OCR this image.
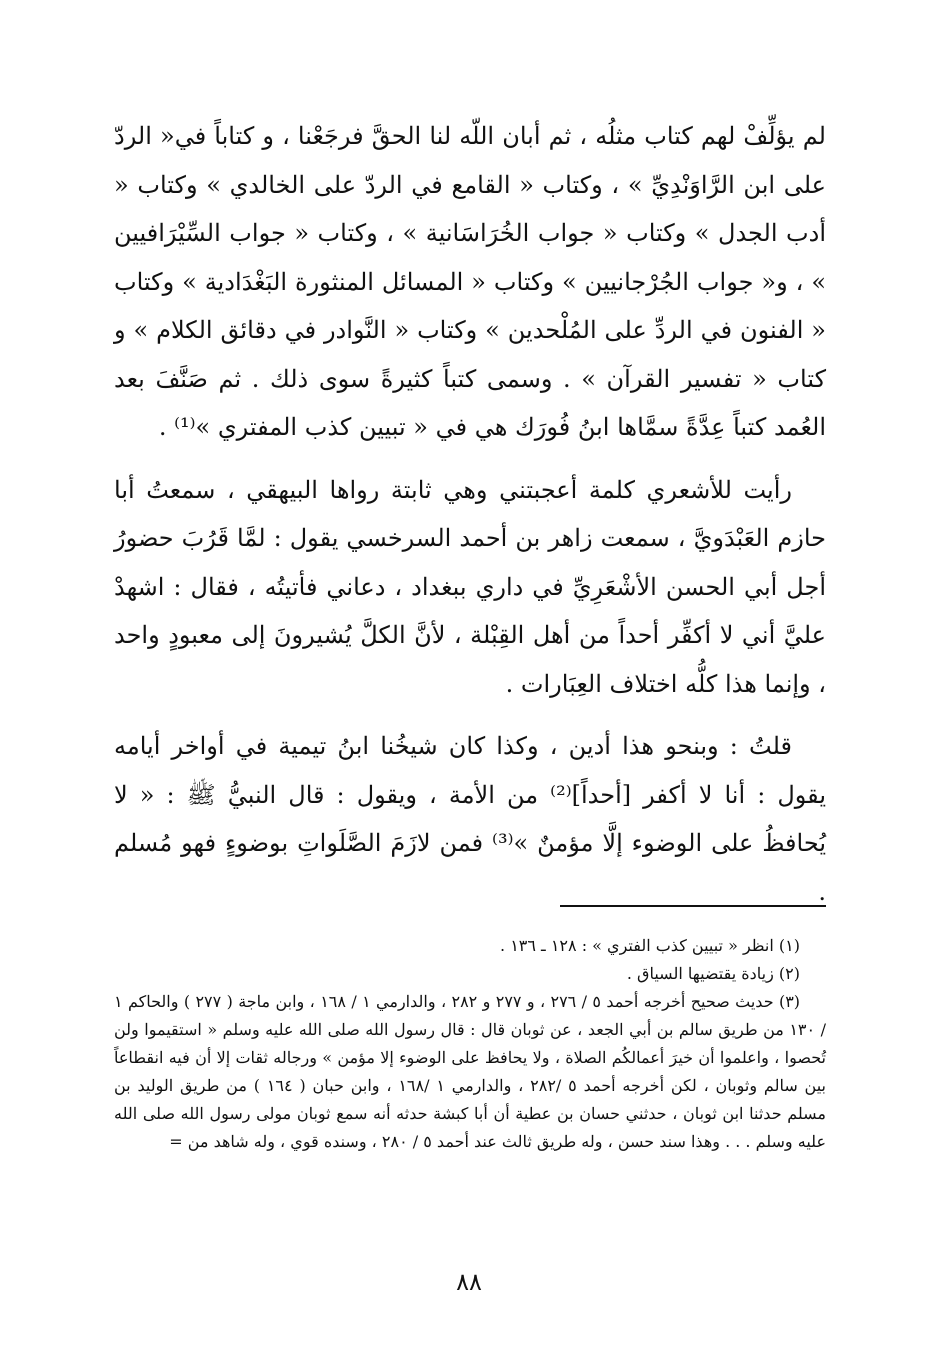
لم يؤلِّفْ لهم كتاب مثلُه ، ثم أبان اللّه لنا الحقَّ فرجَعْنا ، و كتاباً في« الردّ على ابن الرَّاوَنْدِيِّ » ، وكتاب « القامع في الردّ على الخالدي » وكتاب « أدب الجدل » وكتاب « جواب الخُرَاسَانية » ، وكتاب « جواب السِّيْرَافيين » ، و« جواب الجُرْجانيين » وكتاب « المسائل المنثورة البَغْدَادية » وكتاب « الفنون في الردِّ على المُلْحدين » وكتاب « النَّوادر في دقائق الكلام » و كتاب « تفسير القرآن » . وسمى كتباً كثيرةً سوى ذلك . ثم صَنَّفَ بعد العُمد كتباً عِدَّةً سمَّاها ابنُ فُورَك هي في « تبيين كذب المفتري »⁽¹⁾ .

رأيت للأشعري كلمة أعجبتني وهي ثابتة رواها البيهقي ، سمعتُ أبا حازم العَبْدَويَّ ، سمعت زاهر بن أحمد السرخسي يقول : لمَّا قَرُبَ حضورُ أجل أبي الحسن الأشْعَرِيِّ في داري ببغداد ، دعاني فأتيتُه ، فقال : اشهدْ عليَّ أني لا أكفِّر أحداً من أهل القِبْلة ، لأنَّ الكلَّ يُشيرونَ إلى معبودٍ واحد ، وإنما هذا كلُّه اختلاف العِبَارات .

قلتُ : وبنحو هذا أدين ، وكذا كان شيخُنا ابنُ تيمية في أواخر أيامه يقول : أنا لا أكفر [أحداً]⁽²⁾ من الأمة ، ويقول : قال النبيُّ ﷺ : « لا يُحافظُ على الوضوء إلَّا مؤمنٌ »⁽³⁾ فمن لازَمَ الصَّلَواتِ بوضوءٍ فهو مُسلم .

(١) انظر « تبيين كذب الفتري » : ١٢٨ ـ ١٣٦ .

(٢) زيادة يقتضيها السياق .

(٣) حديث صحيح أخرجه أحمد ٥ / ٢٧٦ ، و ٢٧٧ و ٢٨٢ ، والدارمي ١ / ١٦٨ ، وابن ماجة ( ٢٧٧ ) والحاكم ١ / ١٣٠ من طريق سالم بن أبي الجعد ، عن ثوبان قال : قال رسول الله صلى الله عليه وسلم « استقيموا ولن تُحصوا ، واعلموا أن خيرَ أعمالكُم الصلاة ، ولا يحافظ على الوضوء إلا مؤمن » ورجاله ثقات إلا أن فيه انقطاعاً بين سالم وثوبان ، لكن أخرجه أحمد ٥ /٢٨٢ ، والدارمي ١ /١٦٨ ، وابن حبان ( ١٦٤ ) من طريق الوليد بن مسلم حدثنا ابن ثوبان ، حدثني حسان بن عطية أن أبا كبشة حدثه أنه سمع ثوبان مولى رسول الله صلى الله عليه وسلم . . . وهذا سند حسن ، وله طريق ثالث عند أحمد ٥ / ٢٨٠ ، وسنده قوي ، وله شاهد من =

٨٨
